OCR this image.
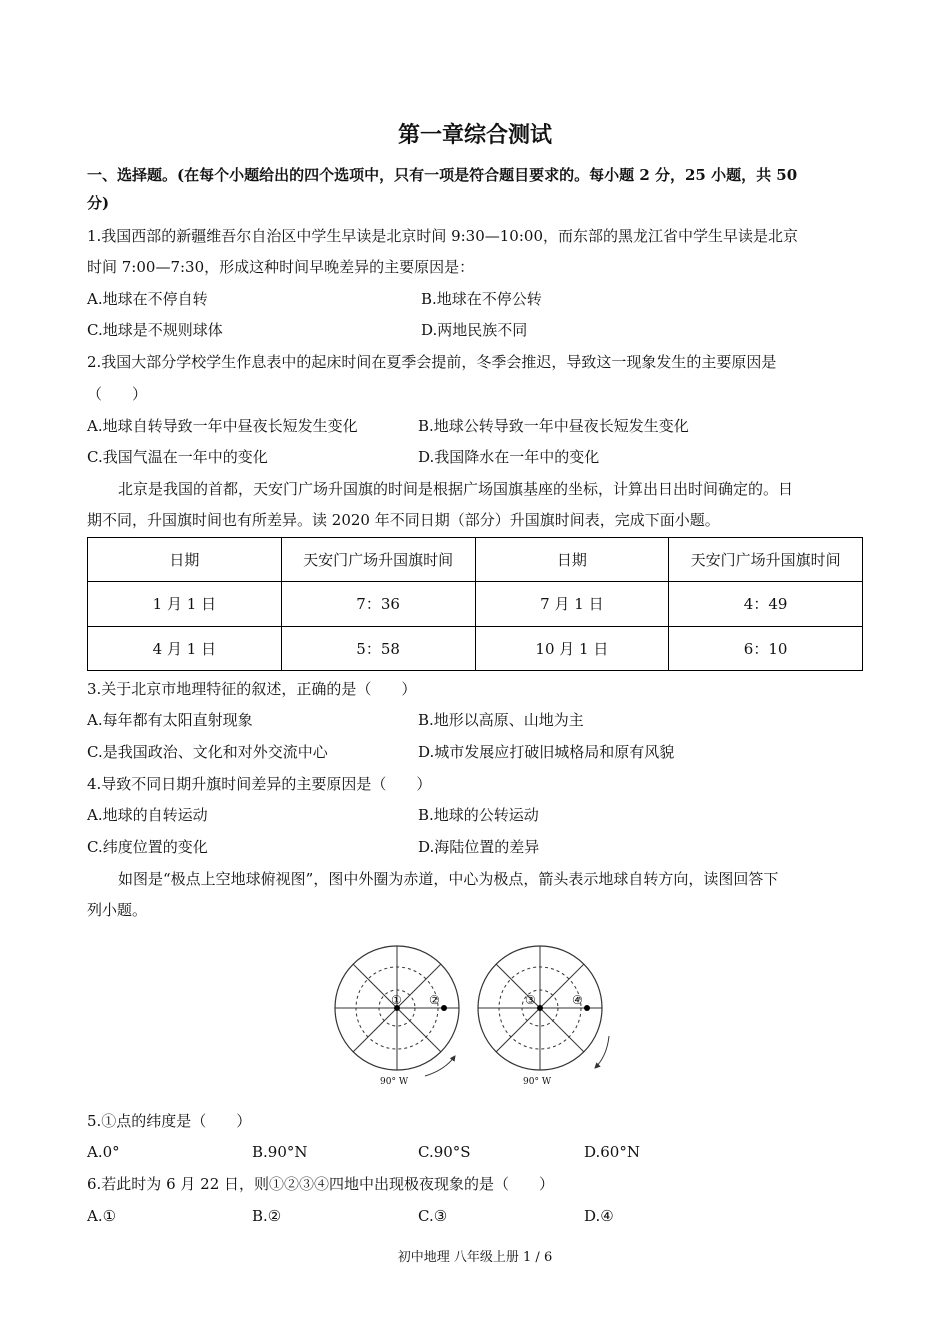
第一章综合测试
一、选择题。(在每个小题给出的四个选项中，只有一项是符合题目要求的。每小题 2 分，25 小题，共 50
分)
1.我国西部的新疆维吾尔自治区中学生早读是北京时间 9:30—10:00，而东部的黑龙江省中学生早读是北京
时间 7:00—7:30，形成这种时间早晚差异的主要原因是：
A.地球在不停自转	B.地球在不停公转
C.地球是不规则球体	D.两地民族不同
2.我国大部分学校学生作息表中的起床时间在夏季会提前，冬季会推迟，导致这一现象发生的主要原因是
（　　）
A.地球自转导致一年中昼夜长短发生变化	B.地球公转导致一年中昼夜长短发生变化
C.我国气温在一年中的变化	D.我国降水在一年中的变化
北京是我国的首都，天安门广场升国旗的时间是根据广场国旗基座的坐标，计算出日出时间确定的。日
期不同，升国旗时间也有所差异。读 2020 年不同日期（部分）升国旗时间表，完成下面小题。
日期	天安门广场升国旗时间	日期	天安门广场升国旗时间
1 月 1 日	7：36	7 月 1 日	4：49
4 月 1 日	5：58	10 月 1 日	6：10
3.关于北京市地理特征的叙述，正确的是（　　）
A.每年都有太阳直射现象	B.地形以高原、山地为主
C.是我国政治、文化和对外交流中心	D.城市发展应打破旧城格局和原有风貌
4.导致不同日期升旗时间差异的主要原因是（　　）
A.地球的自转运动	B.地球的公转运动
C.纬度位置的变化	D.海陆位置的差异
如图是“极点上空地球俯视图”，图中外圈为赤道，中心为极点，箭头表示地球自转方向，读图回答下
列小题。
① ②
90° W
③	④
90° W
5.①点的纬度是（　　）
A.0°	B.90°N	C.90°S	D.60°N
6.若此时为 6 月 22 日，则①②③④四地中出现极夜现象的是（　　）
A.①	B.②	C.③	D.④
初中地理 八年级上册 1 / 6
